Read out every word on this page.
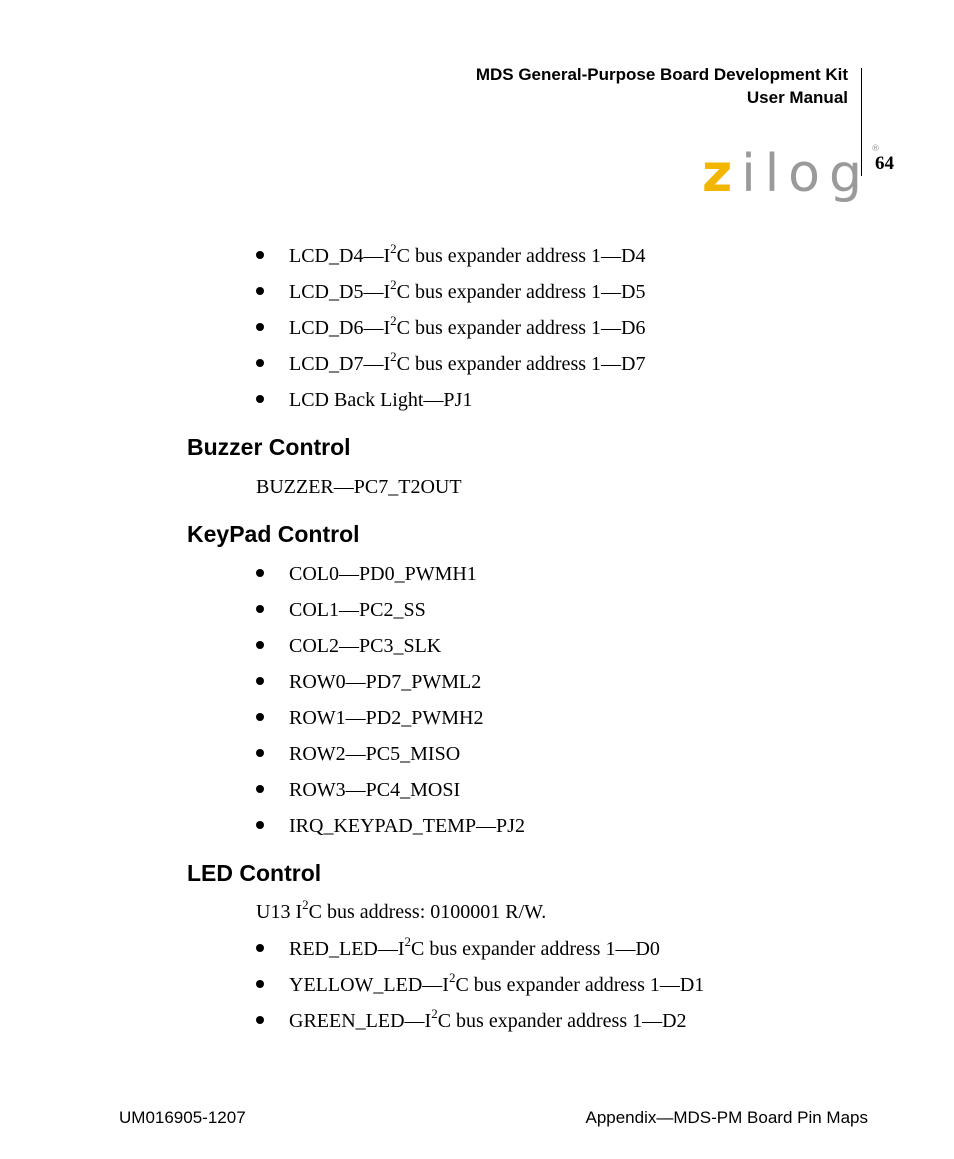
MDS General-Purpose Board Development Kit
User Manual
zilog®
64
$LCD\_D4—I^2C$ bus expander address 1—D4
$LCD\_D5—I^2C$ bus expander address 1—D5
$LCD\_D6—I^2C$ bus expander address 1—D6
$LCD\_D7—I^2C$ bus expander address 1—D7
LCD Back Light—PJ1
Buzzer Control
BUZZER—PC7_T2OUT
KeyPad Control
COL0—PD0_PWMH1
COL1—PC2_SS
COL2—PC3_SLK
ROW0—PD7_PWML2
ROW1—PD2_PWMH2
ROW2—PC5_MISO
ROW3—PC4_MOSI
IRQ_KEYPAD_TEMP—PJ2
LED Control
U13 $I^2C$ bus address: 0100001 R/W.
$RED\_LED—I^2C$ bus expander address 1—D0
$YELLOW\_LED—I^2C$ bus expander address 1—D1
$GREEN\_LED—I^2C$ bus expander address 1—D2
UM016905-1207	Appendix—MDS-PM Board Pin Maps
